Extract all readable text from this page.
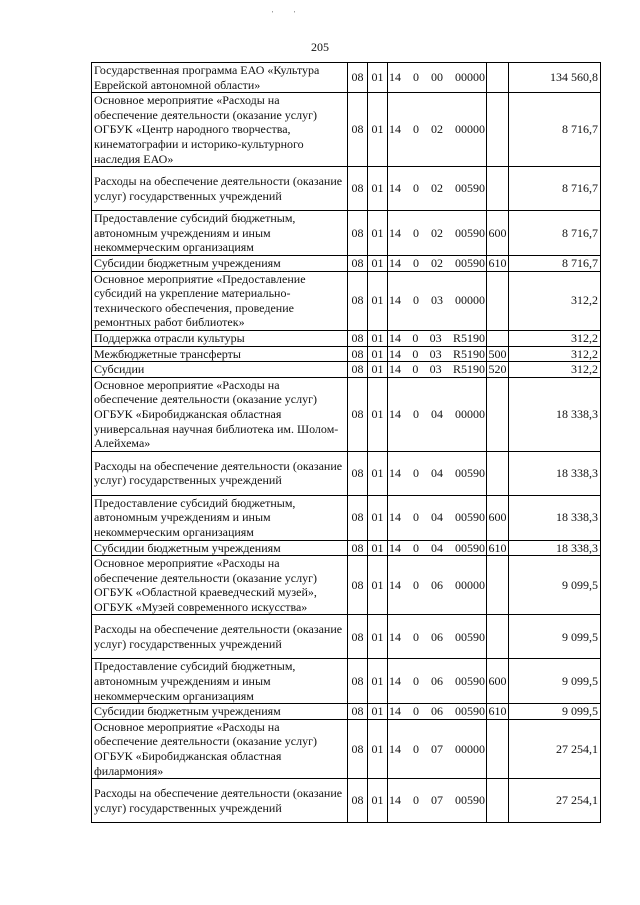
'	'
205
Государственная программа ЕАО «Культура Еврейской автономной области»	08	01	14 0 00 00000		134 560,8
Основное мероприятие «Расходы на обеспечение деятельности (оказание услуг) ОГБУК «Центр народного творчества, кинематографии и историко-культурного наследия ЕАО»	08	01	14 0 02 00000		8 716,7
Расходы на обеспечение деятельности (оказание услуг) государственных учреждений	08	01	14 0 02 00590		8 716,7
Предоставление субсидий бюджетным, автономным учреждениям и иным некоммерческим организациям	08	01	14 0 02 00590	600	8 716,7
Субсидии бюджетным учреждениям	08	01	14 0 02 00590	610	8 716,7
Основное мероприятие «Предоставление субсидий на укрепление материально-технического обеспечения, проведение ремонтных работ библиотек»	08	01	14 0 03 00000		312,2
Поддержка отрасли культуры	08	01	14 0 03 R5190		312,2
Межбюджетные трансферты	08	01	14 0 03 R5190	500	312,2
Субсидии	08	01	14 0 03 R5190	520	312,2
Основное мероприятие «Расходы на обеспечение деятельности (оказание услуг) ОГБУК «Биробиджанская областная универсальная научная библиотека им. Шолом-Алейхема»	08	01	14 0 04 00000		18 338,3
Расходы на обеспечение деятельности (оказание услуг) государственных учреждений	08	01	14 0 04 00590		18 338,3
Предоставление субсидий бюджетным, автономным учреждениям и иным некоммерческим организациям	08	01	14 0 04 00590	600	18 338,3
Субсидии бюджетным учреждениям	08	01	14 0 04 00590	610	18 338,3
Основное мероприятие «Расходы на обеспечение деятельности (оказание услуг) ОГБУК «Областной краеведческий музей», ОГБУК «Музей современного искусства»	08	01	14 0 06 00000		9 099,5
Расходы на обеспечение деятельности (оказание услуг) государственных учреждений	08	01	14 0 06 00590		9 099,5
Предоставление субсидий бюджетным, автономным учреждениям и иным некоммерческим организациям	08	01	14 0 06 00590	600	9 099,5
Субсидии бюджетным учреждениям	08	01	14 0 06 00590	610	9 099,5
Основное мероприятие «Расходы на обеспечение деятельности (оказание услуг) ОГБУК «Биробиджанская областная филармония»	08	01	14 0 07 00000		27 254,1
Расходы на обеспечение деятельности (оказание услуг) государственных учреждений	08	01	14 0 07 00590		27 254,1
